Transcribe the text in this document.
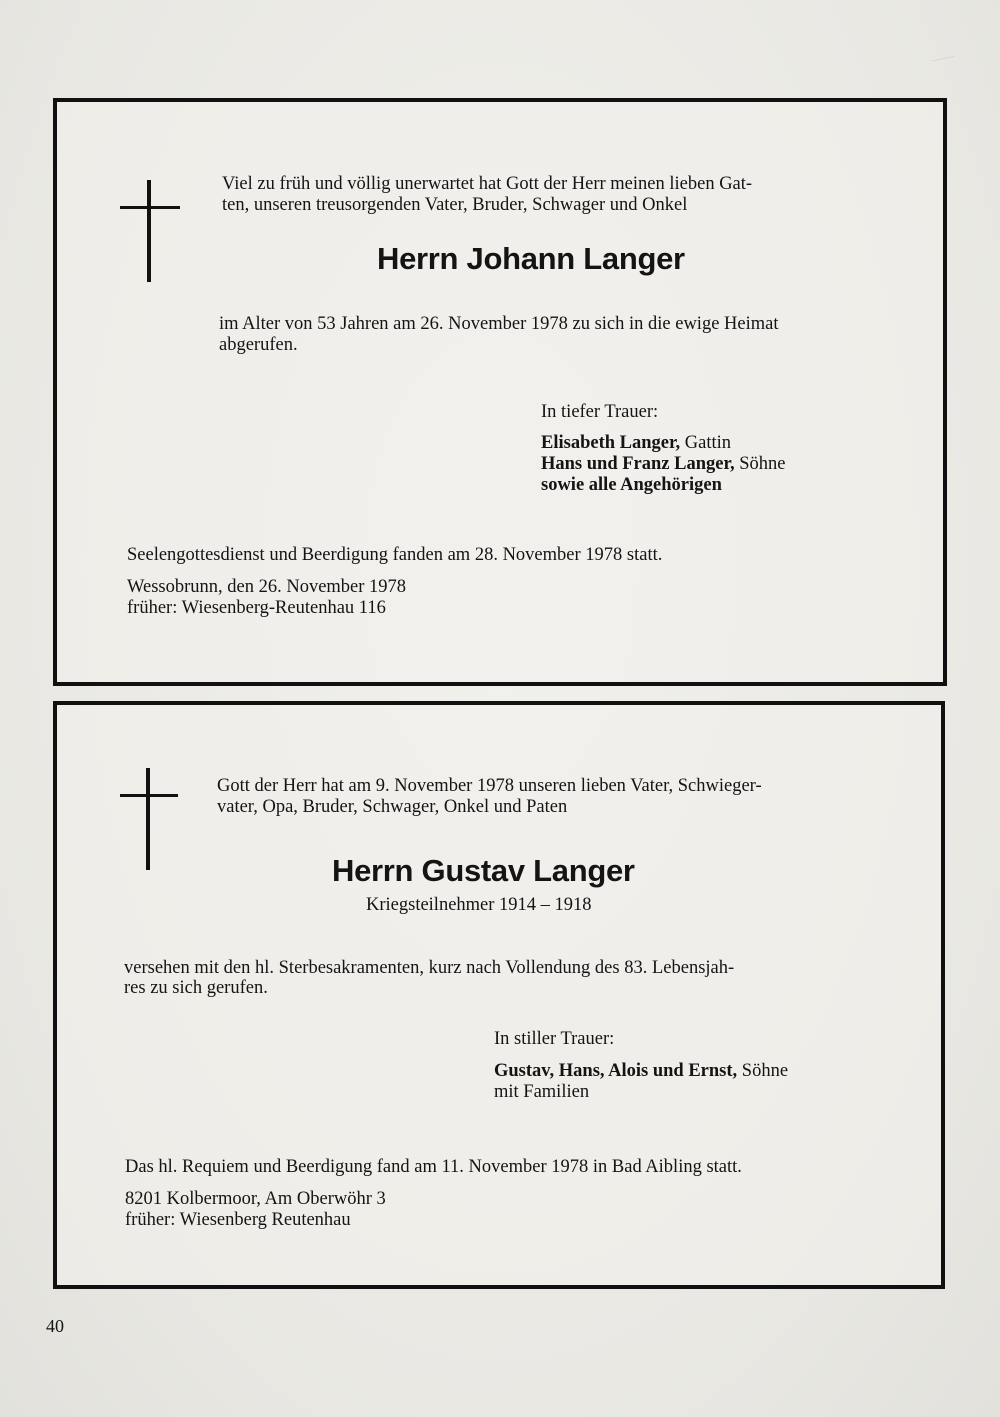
Viel zu früh und völlig unerwartet hat Gott der Herr meinen lieben Gat-
ten, unseren treusorgenden Vater, Bruder, Schwager und Onkel
Herrn Johann Langer
im Alter von 53 Jahren am 26. November 1978 zu sich in die ewige Heimat
abgerufen.
In tiefer Trauer:
Elisabeth Langer, Gattin
Hans und Franz Langer, Söhne
sowie alle Angehörigen
Seelengottesdienst und Beerdigung fanden am 28. November 1978 statt.
Wessobrunn, den 26. November 1978
früher: Wiesenberg-Reutenhau 116
Gott der Herr hat am 9. November 1978 unseren lieben Vater, Schwieger-
vater, Opa, Bruder, Schwager, Onkel und Paten
Herrn Gustav Langer
Kriegsteilnehmer 1914 – 1918
versehen mit den hl. Sterbesakramenten, kurz nach Vollendung des 83. Lebensjah-
res zu sich gerufen.
In stiller Trauer:
Gustav, Hans, Alois und Ernst, Söhne
mit Familien
Das hl. Requiem und Beerdigung fand am 11. November 1978 in Bad Aibling statt.
8201 Kolbermoor, Am Oberwöhr 3
früher: Wiesenberg Reutenhau
40
